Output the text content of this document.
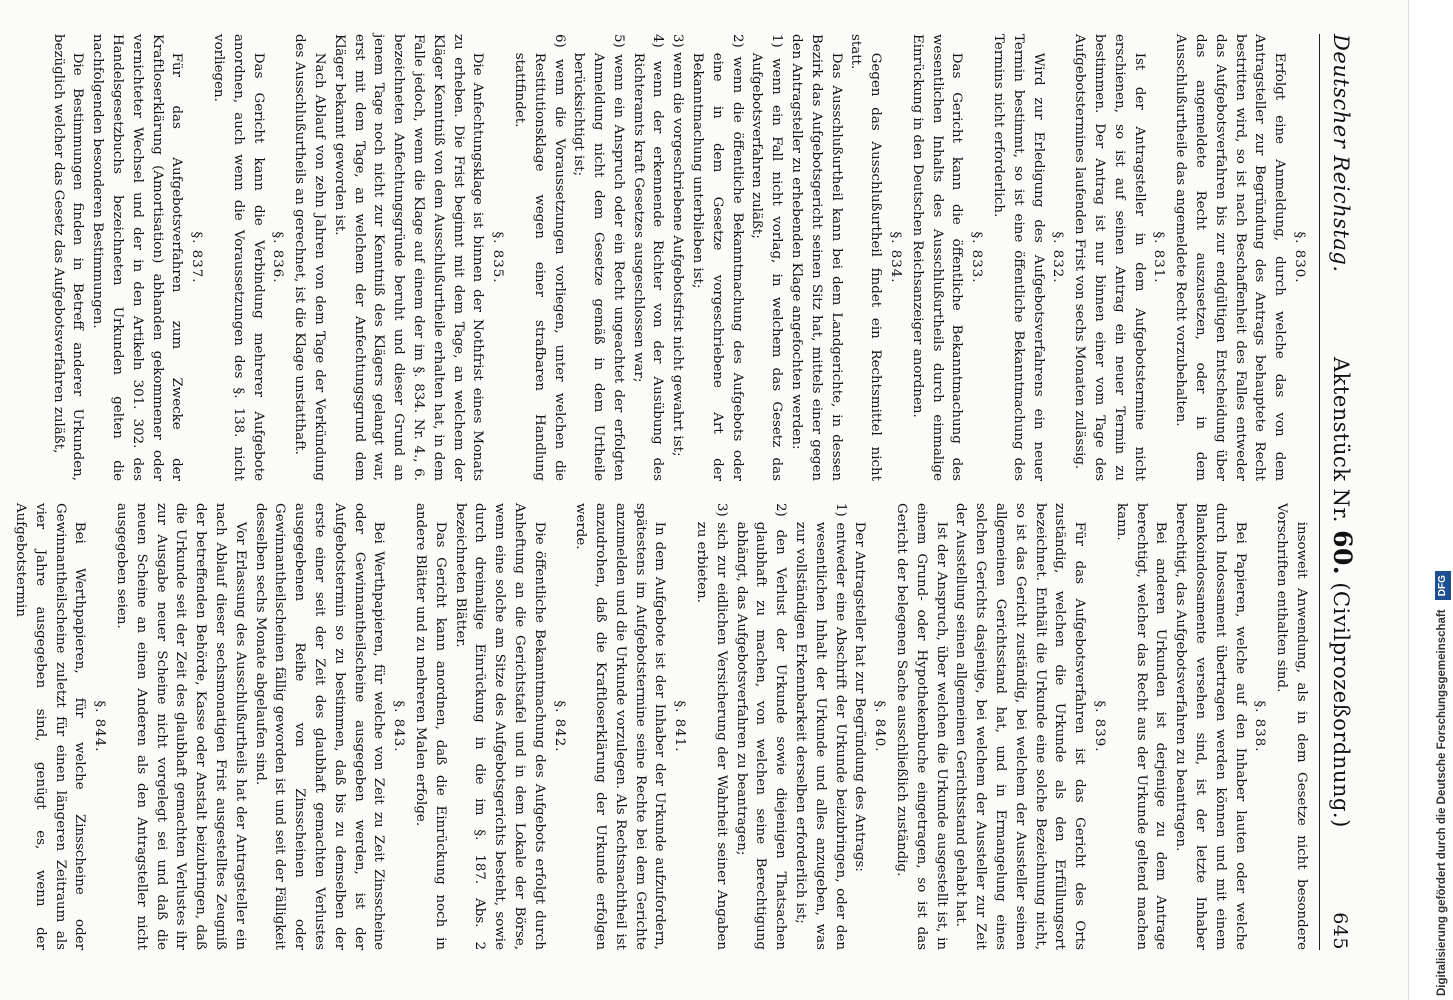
Deutscher Reichstag.
Aktenstück Nr. 60. (Civilprozeßordnung.)
645

§. 830.

Erfolgt eine Anmeldung, durch welche das von dem Antragsteller zur Begründung des Antrags behauptete Recht bestritten wird, so ist nach Beschaffenheit des Falles entweder das Aufgebotsverfahren bis zur endgültigen Entscheidung über das angemeldete Recht auszusetzen, oder in dem Ausschlußurtheile das angemeldete Recht vorzubehalten.

§. 831.

Ist der Antragsteller in dem Aufgebotstermine nicht erschienen, so ist auf seinen Antrag ein neuer Termin zu bestimmen. Der Antrag ist nur binnen einer vom Tage des Aufgebotstermines laufenden Frist von sechs Monaten zulässig.

§. 832.

Wird zur Erledigung des Aufgebotsverfahrens ein neuer Termin bestimmt, so ist eine öffentliche Bekanntmachung des Termins nicht erforderlich.

§. 833.

Das Gericht kann die öffentliche Bekanntmachung des wesentlichen Inhalts des Ausschlußurtheils durch einmalige Einrückung in den Deutschen Reichsanzeiger anordnen.

§. 834.

Gegen das Ausschlußurtheil findet ein Rechtsmittel nicht statt.

Das Ausschlußurtheil kann bei dem Landgerichte, in dessen Bezirk das Aufgebotsgericht seinen Sitz hat, mittels einer gegen den Antragsteller zu erhebenden Klage angefochten werden:

1) wenn ein Fall nicht vorlag, in welchem das Gesetz das Aufgebotsverfahren zuläßt;

2) wenn die öffentliche Bekanntmachung des Aufgebots oder eine in dem Gesetze vorgeschriebene Art der Bekanntmachung unterblieben ist;

3) wenn die vorgeschriebene Aufgebotsfrist nicht gewahrt ist;

4) wenn der erkennende Richter von der Ausübung des Richteramts kraft Gesetzes ausgeschlossen war;

5) wenn ein Anspruch oder ein Recht ungeachtet der erfolgten Anmeldung nicht dem Gesetze gemäß in dem Urtheile berücksichtigt ist;

6) wenn die Voraussetzungen vorliegen, unter welchen die Restitutionsklage wegen einer strafbaren Handlung stattfindet.

§. 835.

Die Anfechtungsklage ist binnen der Nothfrist eines Monats zu erheben. Die Frist beginnt mit dem Tage, an welchem der Kläger Kenntniß von dem Ausschlußurtheile erhalten hat, in dem Falle jedoch, wenn die Klage auf einem der im §. 834. Nr. 4., 6. bezeichneten Anfechtungsgründe beruht und dieser Grund an jenem Tage noch nicht zur Kenntniß des Klägers gelangt war, erst mit dem Tage, an welchem der Anfechtungsgrund dem Kläger bekannt geworden ist.

Nach Ablauf von zehn Jahren von dem Tage der Verkündung des Ausschlußurtheils an gerechnet, ist die Klage unstatthaft.

§. 836.

Das Gericht kann die Verbindung mehrerer Aufgebote anordnen, auch wenn die Voraussetzungen des §. 138. nicht vorliegen.

§. 837.

Für das Aufgebotsverfahren zum Zwecke der Kraftloserklärung (Amortisation) abhanden gekommener oder vernichteter Wechsel und der in den Artikeln 301. 302. des Handelsgesetzbuchs bezeichneten Urkunden gelten die nachfolgenden besonderen Bestimmungen.

Die Bestimmungen finden in Betreff anderer Urkunden, bezüglich welcher das Gesetz das Aufgebotsverfahren zuläßt,

insoweit Anwendung, als in dem Gesetze nicht besondere Vorschriften enthalten sind.

§. 838.

Bei Papieren, welche auf den Inhaber lauten oder welche durch Indossament übertragen werden können und mit einem Blankoindossamente versehen sind, ist der letzte Inhaber berechtigt, das Aufgebotsverfahren zu beantragen.

Bei anderen Urkunden ist derjenige zu dem Antrage berechtigt, welcher das Recht aus der Urkunde geltend machen kann.

§. 839.

Für das Aufgebotsverfahren ist das Gericht des Orts zuständig, welchen die Urkunde als den Erfüllungsort bezeichnet. Enthält die Urkunde eine solche Bezeichnung nicht, so ist das Gericht zuständig, bei welchem der Aussteller seinen allgemeinen Gerichtsstand hat, und in Ermangelung eines solchen Gerichts dasjenige, bei welchem der Aussteller zur Zeit der Ausstellung seinen allgemeinen Gerichtsstand gehabt hat.

Ist der Anspruch, über welchen die Urkunde ausgestellt ist, in einem Grund- oder Hypothekenbuche eingetragen, so ist das Gericht der belegenen Sache ausschließlich zuständig.

§. 840.

Der Antragsteller hat zur Begründung des Antrags:

1) entweder eine Abschrift der Urkunde beizubringen, oder den wesentlichen Inhalt der Urkunde und alles anzugeben, was zur vollständigen Erkennbarkeit derselben erforderlich ist;

2) den Verlust der Urkunde sowie diejenigen Thatsachen glaubhaft zu machen, von welchen seine Berechtigung abhängt, das Aufgebotsverfahren zu beantragen;

3) sich zur eidlichen Versicherung der Wahrheit seiner Angaben zu erbieten.

§. 841.

In dem Aufgebote ist der Inhaber der Urkunde aufzufordern, spätestens im Aufgebotstermine seine Rechte bei dem Gerichte anzumelden und die Urkunde vorzulegen. Als Rechtsnachtheil ist anzudrohen, daß die Kraftloserklärung der Urkunde erfolgen werde.

§. 842.

Die öffentliche Bekanntmachung des Aufgebots erfolgt durch Anheftung an die Gerichtstafel und in dem Lokale der Börse, wenn eine solche am Sitze des Aufgebotsgerichts besteht, sowie durch dreimalige Einrückung in die im §. 187. Abs. 2 bezeichneten Blätter.

Das Gericht kann anordnen, daß die Einrückung noch in andere Blätter und zu mehreren Malen erfolge.

§. 843.

Bei Werthpapieren, für welche von Zeit zu Zeit Zinsscheine oder Gewinnantheilscheine ausgegeben werden, ist der Aufgebotstermin so zu bestimmen, daß bis zu demselben der erste einer seit der Zeit des glaubhaft gemachten Verlustes ausgegebenen Reihe von Zinsscheinen oder Gewinnantheilscheinen fällig geworden ist und seit der Fälligkeit desselben sechs Monate abgelaufen sind.

Vor Erlassung des Ausschlußurtheils hat der Antragsteller ein nach Ablauf dieser sechsmonatigen Frist ausgestelltes Zeugniß der betreffenden Behörde, Kasse oder Anstalt beizubringen, daß die Urkunde seit der Zeit des glaubhaft gemachten Verlustes ihr zur Ausgabe neuer Scheine nicht vorgelegt sei und daß die neuen Scheine an einen Anderen als den Antragsteller nicht ausgegeben seien.

§. 844.

Bei Werthpapieren, für welche Zinsscheine oder Gewinnantheilscheine zuletzt für einen längeren Zeitraum als vier Jahre ausgegeben sind, genügt es, wenn der Aufgebotstermin

Digitalisierung gefördert durch die Deutsche Forschungsgemeinschaft DFG
